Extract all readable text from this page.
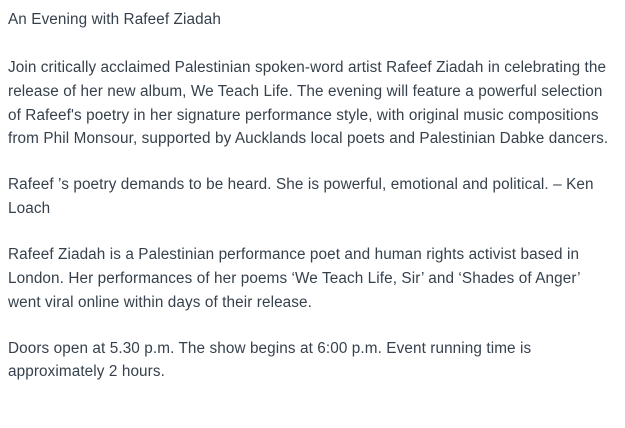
An Evening with Rafeef Ziadah

Join critically acclaimed Palestinian spoken-word artist Rafeef Ziadah in celebrating the release of her new album, We Teach Life. The evening will feature a powerful selection of Rafeef's poetry in her signature performance style, with original music compositions from Phil Monsour, supported by Aucklands local poets and Palestinian Dabke dancers.

Rafeef ’s poetry demands to be heard. She is powerful, emotional and political. – Ken Loach

Rafeef Ziadah is a Palestinian performance poet and human rights activist based in London. Her performances of her poems ‘We Teach Life, Sir’ and ‘Shades of Anger’ went viral online within days of their release.

Doors open at 5.30 p.m. The show begins at 6:00 p.m. Event running time is approximately 2 hours.
